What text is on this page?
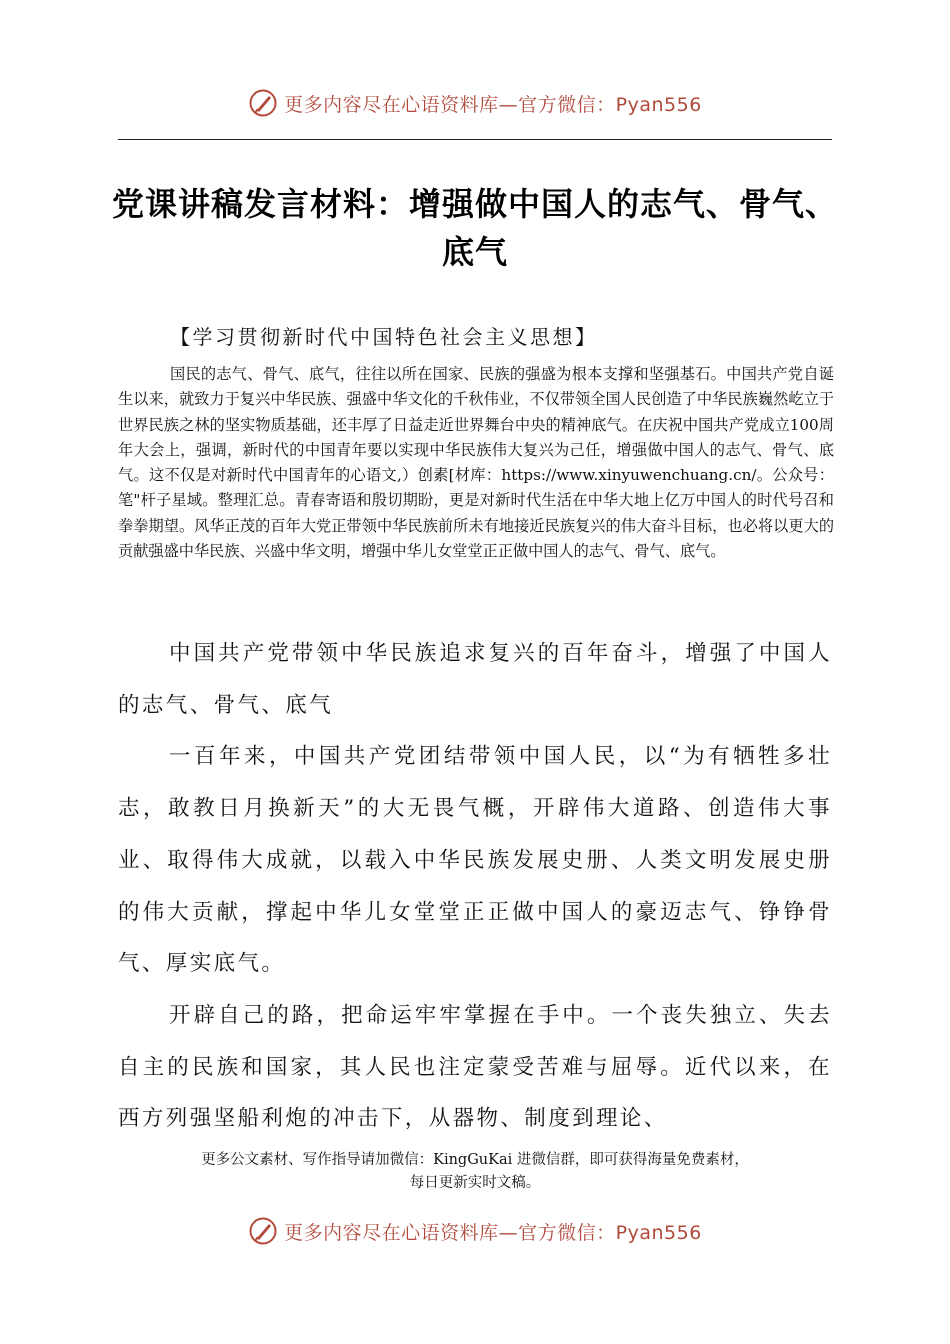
更多内容尽在心语资料库—官方微信：Pyan556
党课讲稿发言材料：增强做中国人的志气、骨气、底气
【学习贯彻新时代中国特色社会主义思想】
国民的志气、骨气、底气，往往以所在国家、民族的强盛为根本支撑和坚强基石。中国共产党自诞生以来，就致力于复兴中华民族、强盛中华文化的千秋伟业，不仅带领全国人民创造了中华民族巍然屹立于世界民族之林的坚实物质基础，还丰厚了日益走近世界舞台中央的精神底气。在庆祝中国共产党成立100周年大会上，强调，新时代的中国青年要以实现中华民族伟大复兴为己任，增强做中国人的志气、骨气、底气。这不仅是对新时代中国青年的心语文,）创素[材库：https://www.xinyuwenchuang.cn/。公众号：笔"杆子星域。整理汇总。青春寄语和殷切期盼，更是对新时代生活在中华大地上亿万中国人的时代号召和拳拳期望。风华正茂的百年大党正带领中华民族前所未有地接近民族复兴的伟大奋斗目标，也必将以更大的贡献强盛中华民族、兴盛中华文明，增强中华儿女堂堂正正做中国人的志气、骨气、底气。

中国共产党带领中华民族追求复兴的百年奋斗，增强了中国人的志气、骨气、底气

一百年来，中国共产党团结带领中国人民，以“为有牺牲多壮志，敢教日月换新天”的大无畏气概，开辟伟大道路、创造伟大事业、取得伟大成就，以载入中华民族发展史册、人类文明发展史册的伟大贡献，撑起中华儿女堂堂正正做中国人的豪迈志气、铮铮骨气、厚实底气。

开辟自己的路，把命运牢牢掌握在手中。一个丧失独立、失去自主的民族和国家，其人民也注定蒙受苦难与屈辱。近代以来，在西方列强坚船利炮的冲击下，从器物、制度到理论、

更多公文素材、写作指导请加微信：KingGuKai 进微信群，即可获得海量免费素材，
每日更新实时文稿。
更多内容尽在心语资料库—官方微信：Pyan556
